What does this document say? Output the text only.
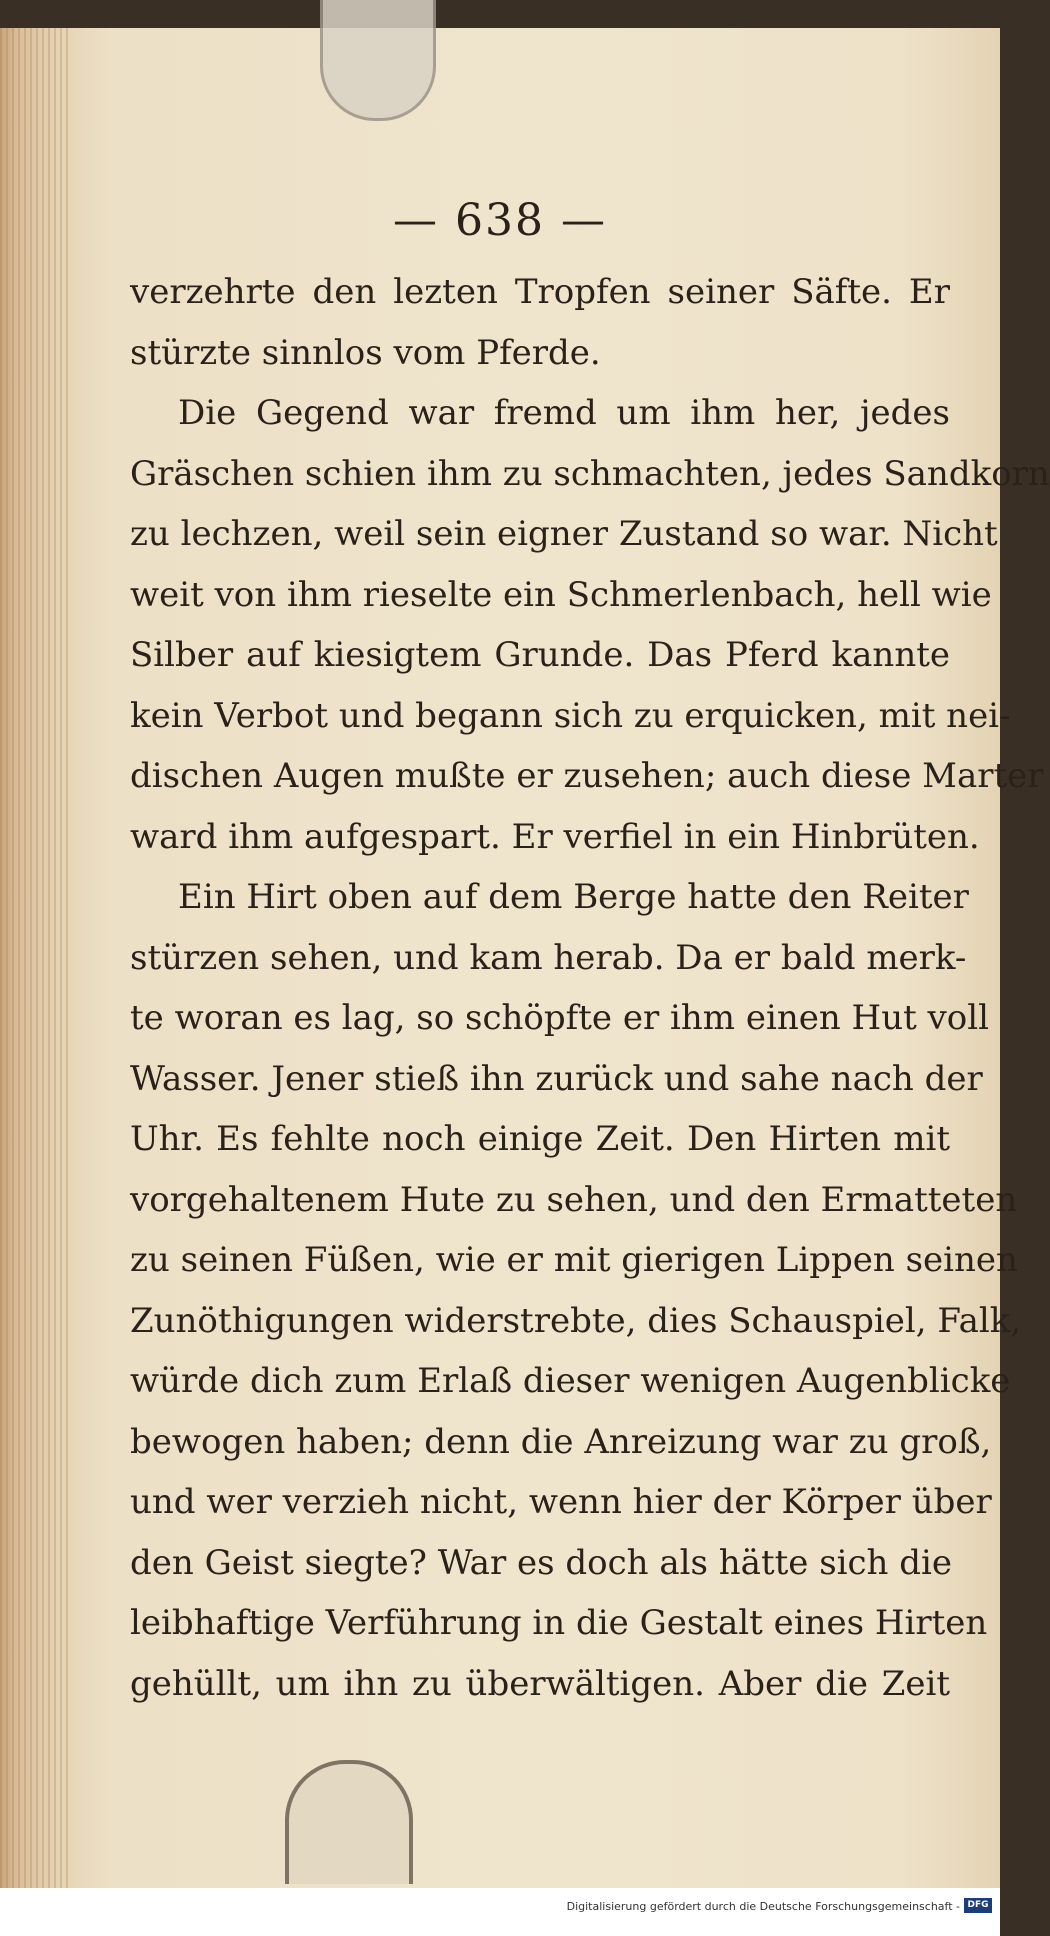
— 638 —
verzehrte den lezten Tropfen seiner Säfte. Er
stürzte sinnlos vom Pferde.
Die Gegend war fremd um ihm her, jedes
Gräschen schien ihm zu schmachten, jedes Sandkorn
zu lechzen, weil sein eigner Zustand so war. Nicht
weit von ihm rieselte ein Schmerlenbach, hell wie
Silber auf kiesigtem Grunde. Das Pferd kannte
kein Verbot und begann sich zu erquicken, mit nei-
dischen Augen mußte er zusehen; auch diese Marter
ward ihm aufgespart. Er verfiel in ein Hinbrüten.
Ein Hirt oben auf dem Berge hatte den Reiter
stürzen sehen, und kam herab. Da er bald merk-
te woran es lag, so schöpfte er ihm einen Hut voll
Wasser. Jener stieß ihn zurück und sahe nach der
Uhr. Es fehlte noch einige Zeit. Den Hirten mit
vorgehaltenem Hute zu sehen, und den Ermatteten
zu seinen Füßen, wie er mit gierigen Lippen seinen
Zunöthigungen widerstrebte, dies Schauspiel, Falk,
würde dich zum Erlaß dieser wenigen Augenblicke
bewogen haben; denn die Anreizung war zu groß,
und wer verzieh nicht, wenn hier der Körper über
den Geist siegte? War es doch als hätte sich die
leibhaftige Verführung in die Gestalt eines Hirten
gehüllt, um ihn zu überwältigen. Aber die Zeit
Digitalisierung gefördert durch die Deutsche Forschungsgemeinschaft - DFG
